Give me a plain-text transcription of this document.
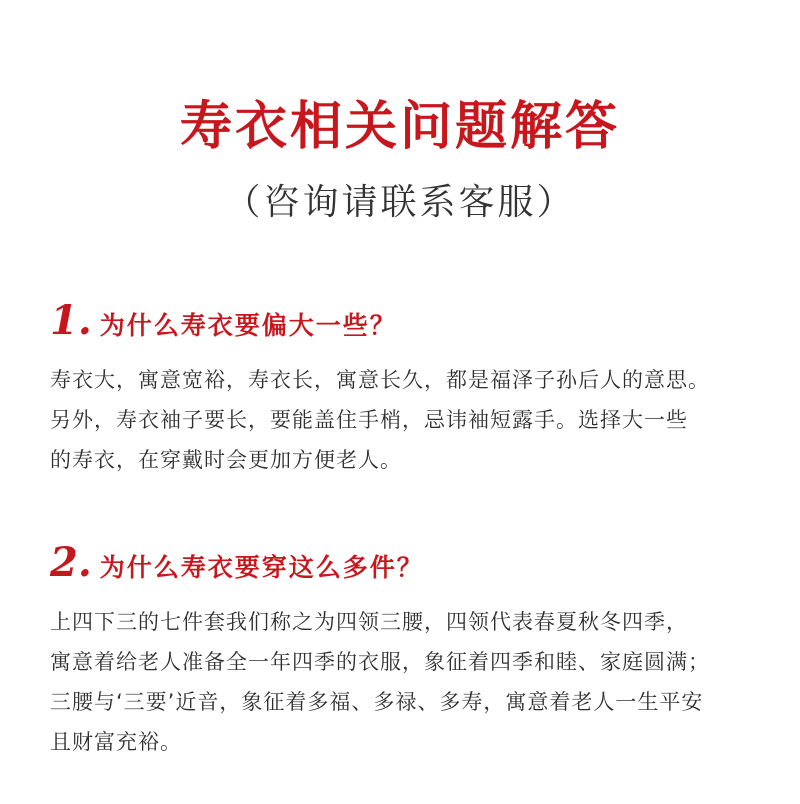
寿衣相关问题解答
（咨询请联系客服）
1. 为什么寿衣要偏大一些？
寿衣大，寓意宽裕，寿衣长，寓意长久，都是福泽子孙后人的意思。
另外，寿衣袖子要长，要能盖住手梢，忌讳袖短露手。选择大一些
的寿衣，在穿戴时会更加方便老人。
2. 为什么寿衣要穿这么多件？
上四下三的七件套我们称之为四领三腰，四领代表春夏秋冬四季，
寓意着给老人准备全一年四季的衣服，象征着四季和睦、家庭圆满；
三腰与‘三要’近音，象征着多福、多禄、多寿，寓意着老人一生平安
且财富充裕。
